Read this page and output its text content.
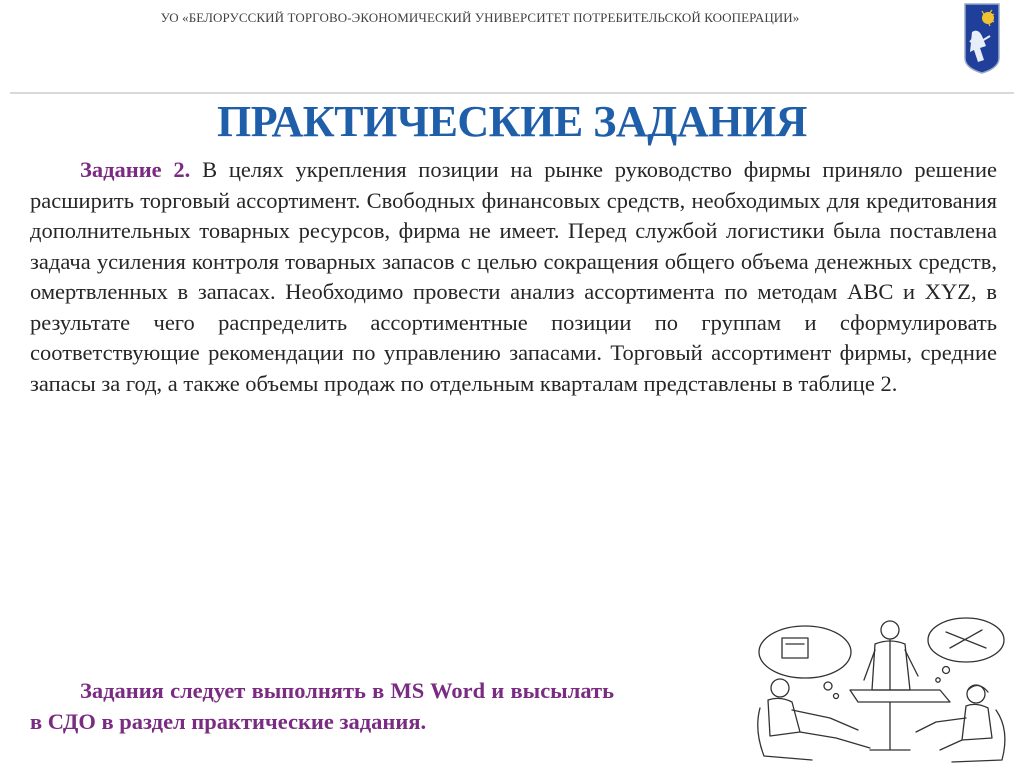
УО «БЕЛОРУССКИЙ ТОРГОВО-ЭКОНОМИЧЕСКИЙ УНИВЕРСИТЕТ ПОТРЕБИТЕЛЬСКОЙ КООПЕРАЦИИ»
ПРАКТИЧЕСКИЕ ЗАДАНИЯ
Задание 2. В целях укрепления позиции на рынке руководство фирмы приняло решение расширить торговый ассортимент. Свободных финансовых средств, необходимых для кредитования дополнительных товарных ресурсов, фирма не имеет. Перед службой логистики была поставлена задача усиления контроля товарных запасов с целью сокращения общего объема денежных средств, омертвленных в запасах. Необходимо провести анализ ассортимента по методам ABC и XYZ, в результате чего распределить ассортиментные позиции по группам и сформулировать соответствующие рекомендации по управлению запасами. Торговый ассортимент фирмы, средние запасы за год, а также объемы продаж по отдельным кварталам представлены в таблице 2.
Задания следует выполнять в MS Word и высылать в СДО в раздел практические задания.
